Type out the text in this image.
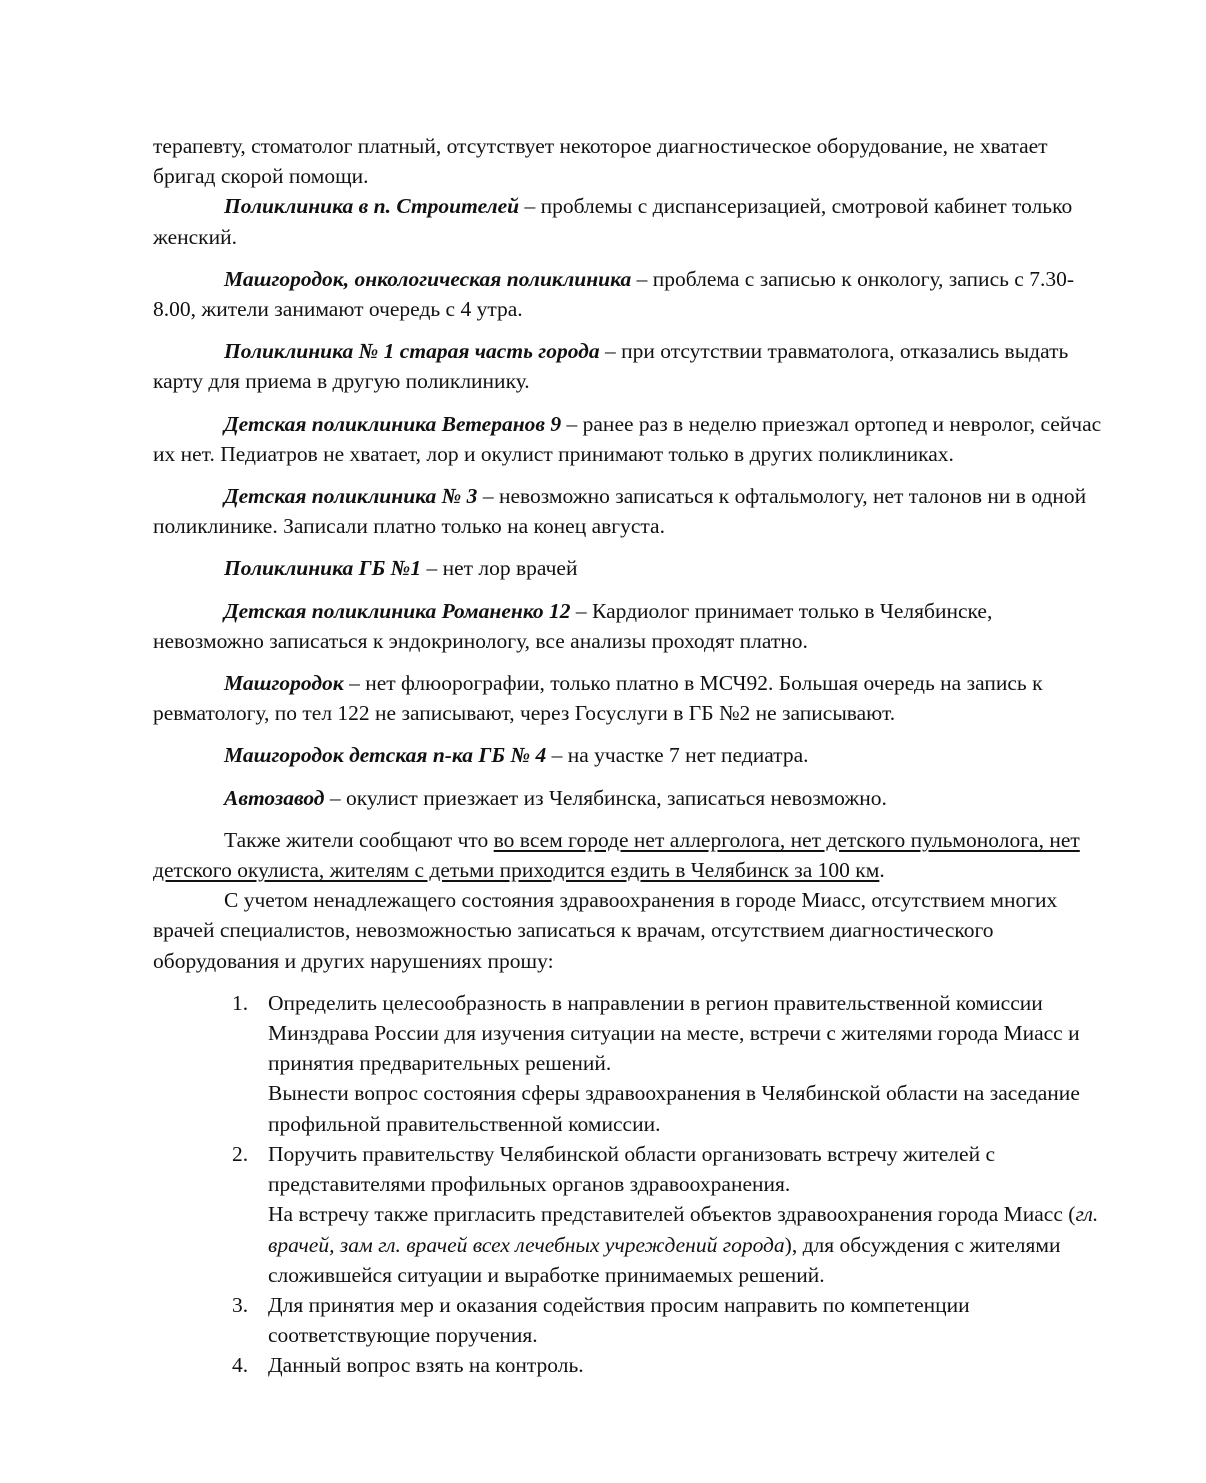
терапевту, стоматолог платный, отсутствует некоторое диагностическое оборудование, не хватает бригад скорой помощи.

Поликлиника в п. Строителей – проблемы с диспансеризацией, смотровой кабинет только женский.

Машгородок, онкологическая поликлиника – проблема с записью к онкологу, запись с 7.30-8.00, жители занимают очередь с 4 утра.

Поликлиника № 1 старая часть города – при отсутствии травматолога, отказались выдать карту для приема в другую поликлинику.

Детская поликлиника Ветеранов 9 – ранее раз в неделю приезжал ортопед и невролог, сейчас их нет. Педиатров не хватает, лор и окулист принимают только в других поликлиниках.

Детская поликлиника № 3 – невозможно записаться к офтальмологу, нет талонов ни в одной поликлинике. Записали платно только на конец августа.

Поликлиника ГБ №1 – нет лор врачей

Детская поликлиника Романенко 12 – Кардиолог принимает только в Челябинске, невозможно записаться к эндокринологу, все анализы проходят платно.

Машгородок – нет флюорографии, только платно в МСЧ92. Большая очередь на запись к ревматологу, по тел 122 не записывают, через Госуслуги в ГБ №2 не записывают.

Машгородок детская п-ка ГБ № 4 – на участке 7 нет педиатра.

Автозавод – окулист приезжает из Челябинска, записаться невозможно.

Также жители сообщают что во всем городе нет аллерголога, нет детского пульмонолога, нет детского окулиста, жителям с детьми приходится ездить в Челябинск за 100 км.

С учетом ненадлежащего состояния здравоохранения в городе Миасс, отсутствием многих врачей специалистов, невозможностью записаться к врачам, отсутствием диагностического оборудования и других нарушениях прошу:

1. Определить целесообразность в направлении в регион правительственной комиссии Минздрава России для изучения ситуации на месте, встречи с жителями города Миасс и принятия предварительных решений.
Вынести вопрос состояния сферы здравоохранения в Челябинской области на заседание профильной правительственной комиссии.
2. Поручить правительству Челябинской области организовать встречу жителей с представителями профильных органов здравоохранения.
На встречу также пригласить представителей объектов здравоохранения города Миасс (гл. врачей, зам гл. врачей всех лечебных учреждений города), для обсуждения с жителями сложившейся ситуации и выработке принимаемых решений.
3. Для принятия мер и оказания содействия просим направить по компетенции соответствующие поручения.
4. Данный вопрос взять на контроль.
